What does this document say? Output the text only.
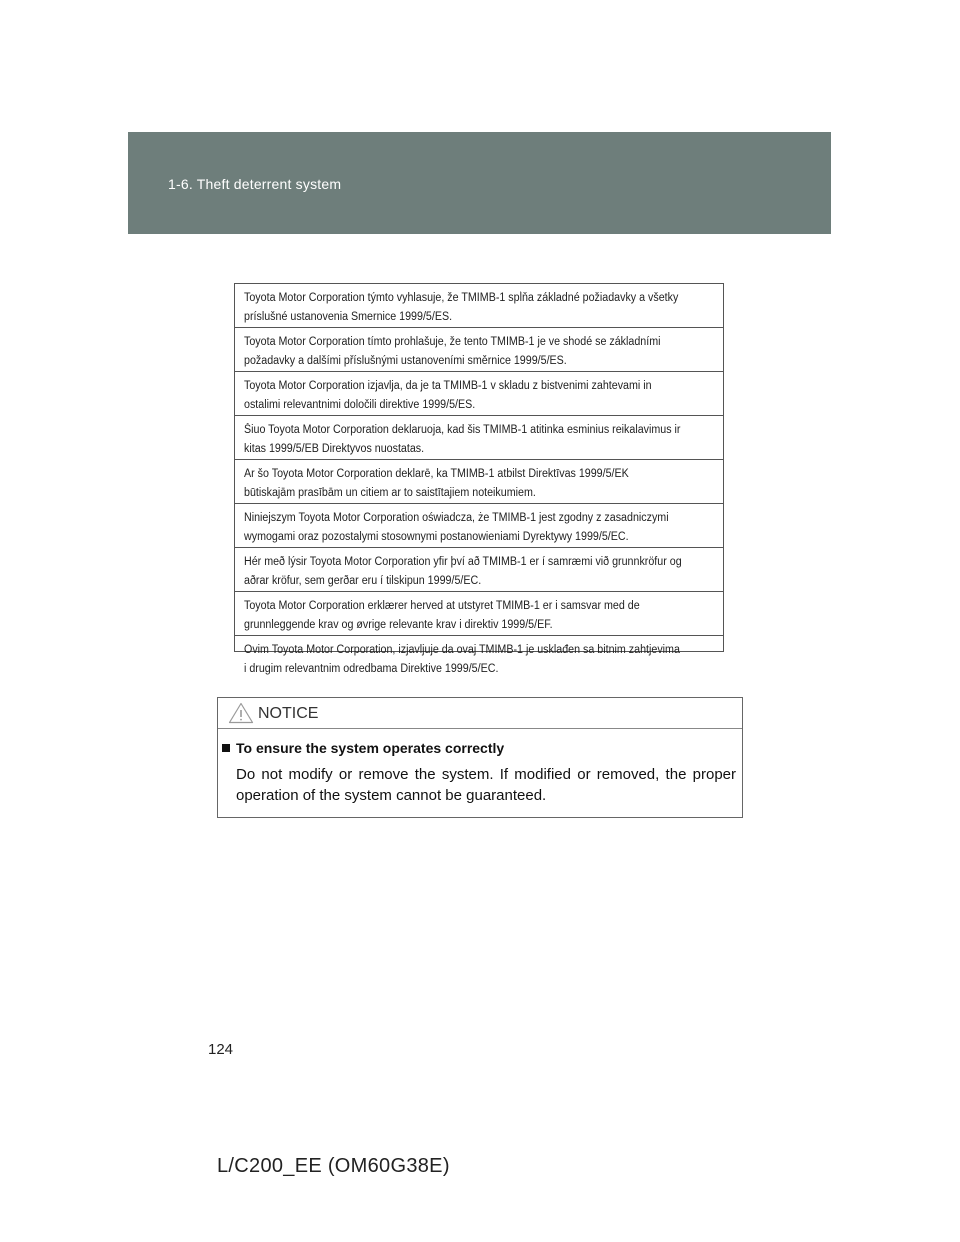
1-6. Theft deterrent system
Toyota Motor Corporation týmto vyhlasuje, že TMIMB-1 spĺňa základné požiadavky a všetky príslušné ustanovenia Smernice 1999/5/ES.
Toyota Motor Corporation tímto prohlašuje, že tento TMIMB-1 je ve shodé se základními požadavky a dalšími příslušnými ustanoveními směrnice 1999/5/ES.
Toyota Motor Corporation izjavlja, da je ta TMIMB-1 v skladu z bistvenimi zahtevami in ostalimi relevantnimi določili direktive 1999/5/ES.
Šiuo Toyota Motor Corporation deklaruoja, kad šis TMIMB-1 atitinka esminius reikalavimus ir kitas 1999/5/EB Direktyvos nuostatas.
Ar šo Toyota Motor Corporation deklarē, ka TMIMB-1 atbilst Direktīvas 1999/5/EK būtiskajām prasībām un citiem ar to saistītajiem noteikumiem.
Niniejszym Toyota Motor Corporation oświadcza, że TMIMB-1 jest zgodny z zasadniczymi wymogami oraz pozostalymi stosownymi postanowieniami Dyrektywy 1999/5/EC.
Hér með lýsir Toyota Motor Corporation yfir því að TMIMB-1 er í samræmi við grunnkröfur og aðrar kröfur, sem gerðar eru í tilskipun 1999/5/EC.
Toyota Motor Corporation erklærer herved at utstyret TMIMB-1 er i samsvar med de grunnleggende krav og øvrige relevante krav i direktiv 1999/5/EF.
Ovim Toyota Motor Corporation, izjavljuje da ovaj TMIMB-1 je usklađen sa bitnim zahtjevima i drugim relevantnim odredbama Direktive 1999/5/EC.
NOTICE
To ensure the system operates correctly
Do not modify or remove the system. If modified or removed, the proper operation of the system cannot be guaranteed.
124
L/C200_EE (OM60G38E)
